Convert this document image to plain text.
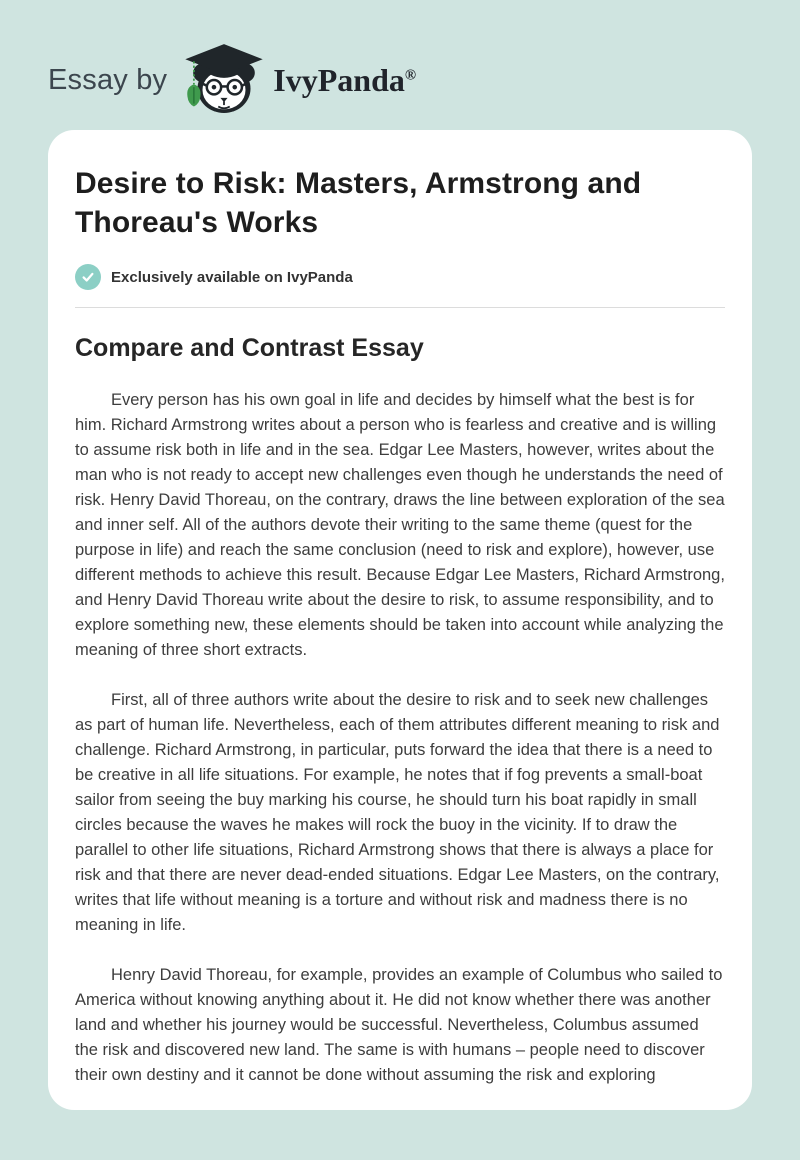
Essay by	IvyPanda®
Desire to Risk: Masters, Armstrong and Thoreau's Works
Exclusively available on IvyPanda
Compare and Contrast Essay

Every person has his own goal in life and decides by himself what the best is for him. Richard Armstrong writes about a person who is fearless and creative and is willing to assume risk both in life and in the sea. Edgar Lee Masters, however, writes about the man who is not ready to accept new challenges even though he understands the need of risk. Henry David Thoreau, on the contrary, draws the line between exploration of the sea and inner self. All of the authors devote their writing to the same theme (quest for the purpose in life) and reach the same conclusion (need to risk and explore), however, use different methods to achieve this result. Because Edgar Lee Masters, Richard Armstrong, and Henry David Thoreau write about the desire to risk, to assume responsibility, and to explore something new, these elements should be taken into account while analyzing the meaning of three short extracts.

First, all of three authors write about the desire to risk and to seek new challenges as part of human life. Nevertheless, each of them attributes different meaning to risk and challenge. Richard Armstrong, in particular, puts forward the idea that there is a need to be creative in all life situations. For example, he notes that if fog prevents a small-boat sailor from seeing the buy marking his course, he should turn his boat rapidly in small circles because the waves he makes will rock the buoy in the vicinity. If to draw the parallel to other life situations, Richard Armstrong shows that there is always a place for risk and that there are never dead-ended situations. Edgar Lee Masters, on the contrary, writes that life without meaning is a torture and without risk and madness there is no meaning in life.

Henry David Thoreau, for example, provides an example of Columbus who sailed to America without knowing anything about it. He did not know whether there was another land and whether his journey would be successful. Nevertheless, Columbus assumed the risk and discovered new land. The same is with humans – people need to discover their own destiny and it cannot be done without assuming the risk and exploring
